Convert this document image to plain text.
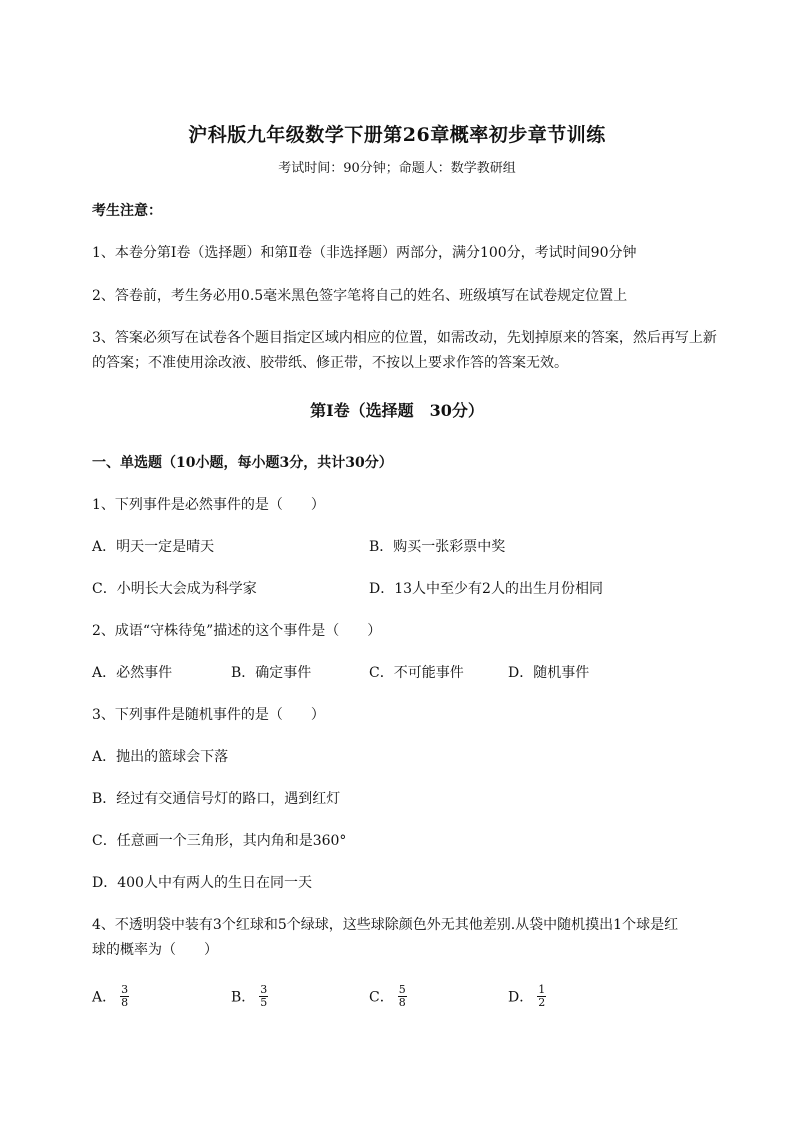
沪科版九年级数学下册第26章概率初步章节训练
考试时间：90分钟；命题人：数学教研组
考生注意：
1、本卷分第I卷（选择题）和第Ⅱ卷（非选择题）两部分，满分100分，考试时间90分钟
2、答卷前，考生务必用0.5毫米黑色签字笔将自己的姓名、班级填写在试卷规定位置上
3、答案必须写在试卷各个题目指定区域内相应的位置，如需改动，先划掉原来的答案，然后再写上新
的答案；不准使用涂改液、胶带纸、修正带，不按以上要求作答的答案无效。
第I卷（选择题　30分）
一、单选题（10小题，每小题3分，共计30分）
1、下列事件是必然事件的是（　　）
A．明天一定是晴天	B．购买一张彩票中奖
C．小明长大会成为科学家	D．13人中至少有2人的出生月份相同
2、成语“守株待兔”描述的这个事件是（　　）
A．必然事件	B．确定事件	C．不可能事件	D．随机事件
3、下列事件是随机事件的是（　　）
A．抛出的篮球会下落
B．经过有交通信号灯的路口，遇到红灯
C．任意画一个三角形，其内角和是360°
D．400人中有两人的生日在同一天
4、不透明袋中装有3个红球和5个绿球，这些球除颜色外无其他差别.从袋中随机摸出1个球是红
球的概率为（　　）
A． $\frac{3}{8}$	B． $\frac{3}{5}$	C． $\frac{5}{8}$	D． $\frac{1}{2}$
